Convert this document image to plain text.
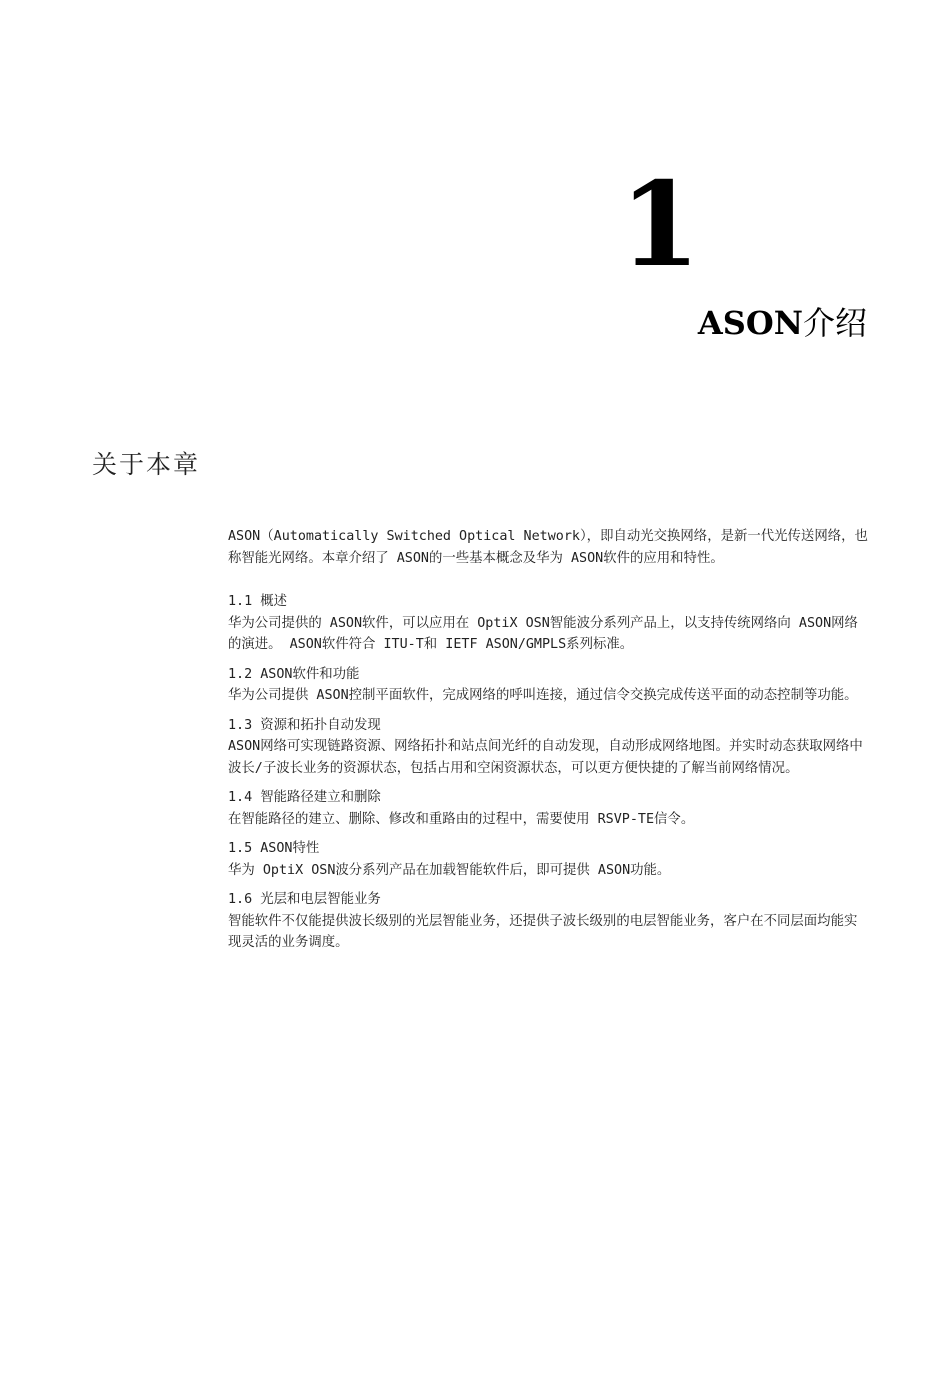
1
ASON介绍
关于本章

ASON（Automatically Switched Optical Network），即自动光交换网络，是新一代光传送网络，也称智能光网络。本章介绍了 ASON的一些基本概念及华为 ASON软件的应用和特性。

1.1 概述
华为公司提供的 ASON软件，可以应用在 OptiX OSN智能波分系列产品上，以支持传统网络向 ASON网络的演进。 ASON软件符合 ITU-T和 IETF ASON/GMPLS系列标准。
1.2 ASON软件和功能
华为公司提供 ASON控制平面软件，完成网络的呼叫连接，通过信令交换完成传送平面的动态控制等功能。
1.3 资源和拓扑自动发现
ASON网络可实现链路资源、网络拓扑和站点间光纤的自动发现，自动形成网络地图。并实时动态获取网络中波长/子波长业务的资源状态，包括占用和空闲资源状态，可以更方便快捷的了解当前网络情况。
1.4 智能路径建立和删除
在智能路径的建立、删除、修改和重路由的过程中，需要使用 RSVP-TE信令。
1.5 ASON特性
华为 OptiX OSN波分系列产品在加载智能软件后，即可提供 ASON功能。
1.6 光层和电层智能业务
智能软件不仅能提供波长级别的光层智能业务，还提供子波长级别的电层智能业务，客户在不同层面均能实现灵活的业务调度。
